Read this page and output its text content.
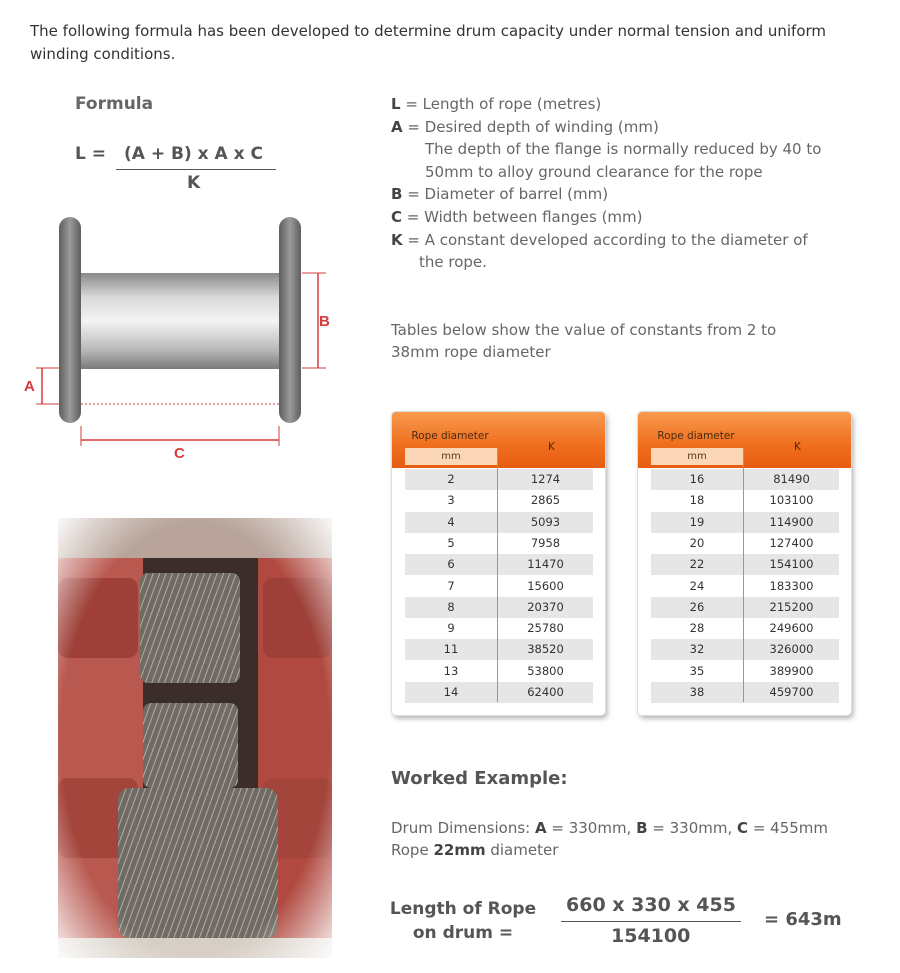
The following formula has been developed to determine drum capacity under normal tension and uniform winding conditions.
Formula
L = (A + B) x A x C
K
A
B
C
L = Length of rope (metres)
A = Desired depth of winding (mm)
The depth of the flange is normally reduced by 40 to 50mm to alloy ground clearance for the rope
B = Diameter of barrel (mm)
C = Width between flanges (mm)
K = A constant developed according to the diameter of
the rope.
Tables below show the value of constants from 2 to 38mm rope diameter
Rope diameter
mm
K
2	1274
3	2865
4	5093
5	7958
6	11470
7	15600
8	20370
9	25780
11	38520
13	53800
14	62400
Rope diameter
mm
K
16	81490
18	103100
19	114900
20	127400
22	154100
24	183300
26	215200
28	249600
32	326000
35	389900
38	459700
Worked Example:
Drum Dimensions: A = 330mm, B = 330mm, C = 455mm
Rope 22mm diameter
Length of Rope
on drum =
660 x 330 x 455
154100
= 643m
